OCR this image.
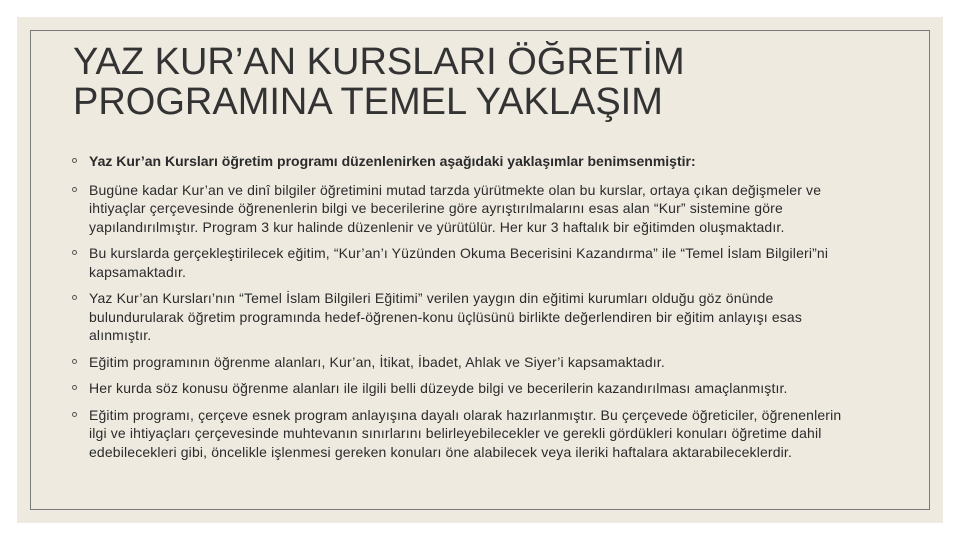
YAZ KUR’AN KURSLARI ÖĞRETİM
PROGRAMINA TEMEL YAKLAŞIM
Yaz Kur’an Kursları öğretim programı düzenlenirken aşağıdaki yaklaşımlar benimsenmiştir:
Bugüne kadar Kur’an ve dinî bilgiler öğretimini mutad tarzda yürütmekte olan bu kurslar, ortaya çıkan değişmeler ve ihtiyaçlar çerçevesinde öğrenenlerin bilgi ve becerilerine göre ayrıştırılmalarını esas alan “Kur” sistemine göre yapılandırılmıştır. Program 3 kur halinde düzenlenir ve yürütülür. Her kur 3 haftalık bir eğitimden oluşmaktadır.
Bu kurslarda gerçekleştirilecek eğitim, “Kur’an’ı Yüzünden Okuma Becerisini Kazandırma” ile “Temel İslam Bilgileri”ni kapsamaktadır.
Yaz Kur’an Kursları’nın “Temel İslam Bilgileri Eğitimi” verilen yaygın din eğitimi kurumları olduğu göz önünde bulundurularak öğretim programında hedef-öğrenen-konu üçlüsünü birlikte değerlendiren bir eğitim anlayışı esas alınmıştır.
Eğitim programının öğrenme alanları, Kur’an, İtikat, İbadet, Ahlak ve Siyer’i kapsamaktadır.
Her kurda söz konusu öğrenme alanları ile ilgili belli düzeyde bilgi ve becerilerin kazandırılması amaçlanmıştır.
Eğitim programı, çerçeve esnek program anlayışına dayalı olarak hazırlanmıştır. Bu çerçevede öğreticiler, öğrenenlerin ilgi ve ihtiyaçları çerçevesinde muhtevanın sınırlarını belirleyebilecekler ve gerekli gördükleri konuları öğretime dahil edebilecekleri gibi, öncelikle işlenmesi gereken konuları öne alabilecek veya ileriki haftalara aktarabileceklerdir.
